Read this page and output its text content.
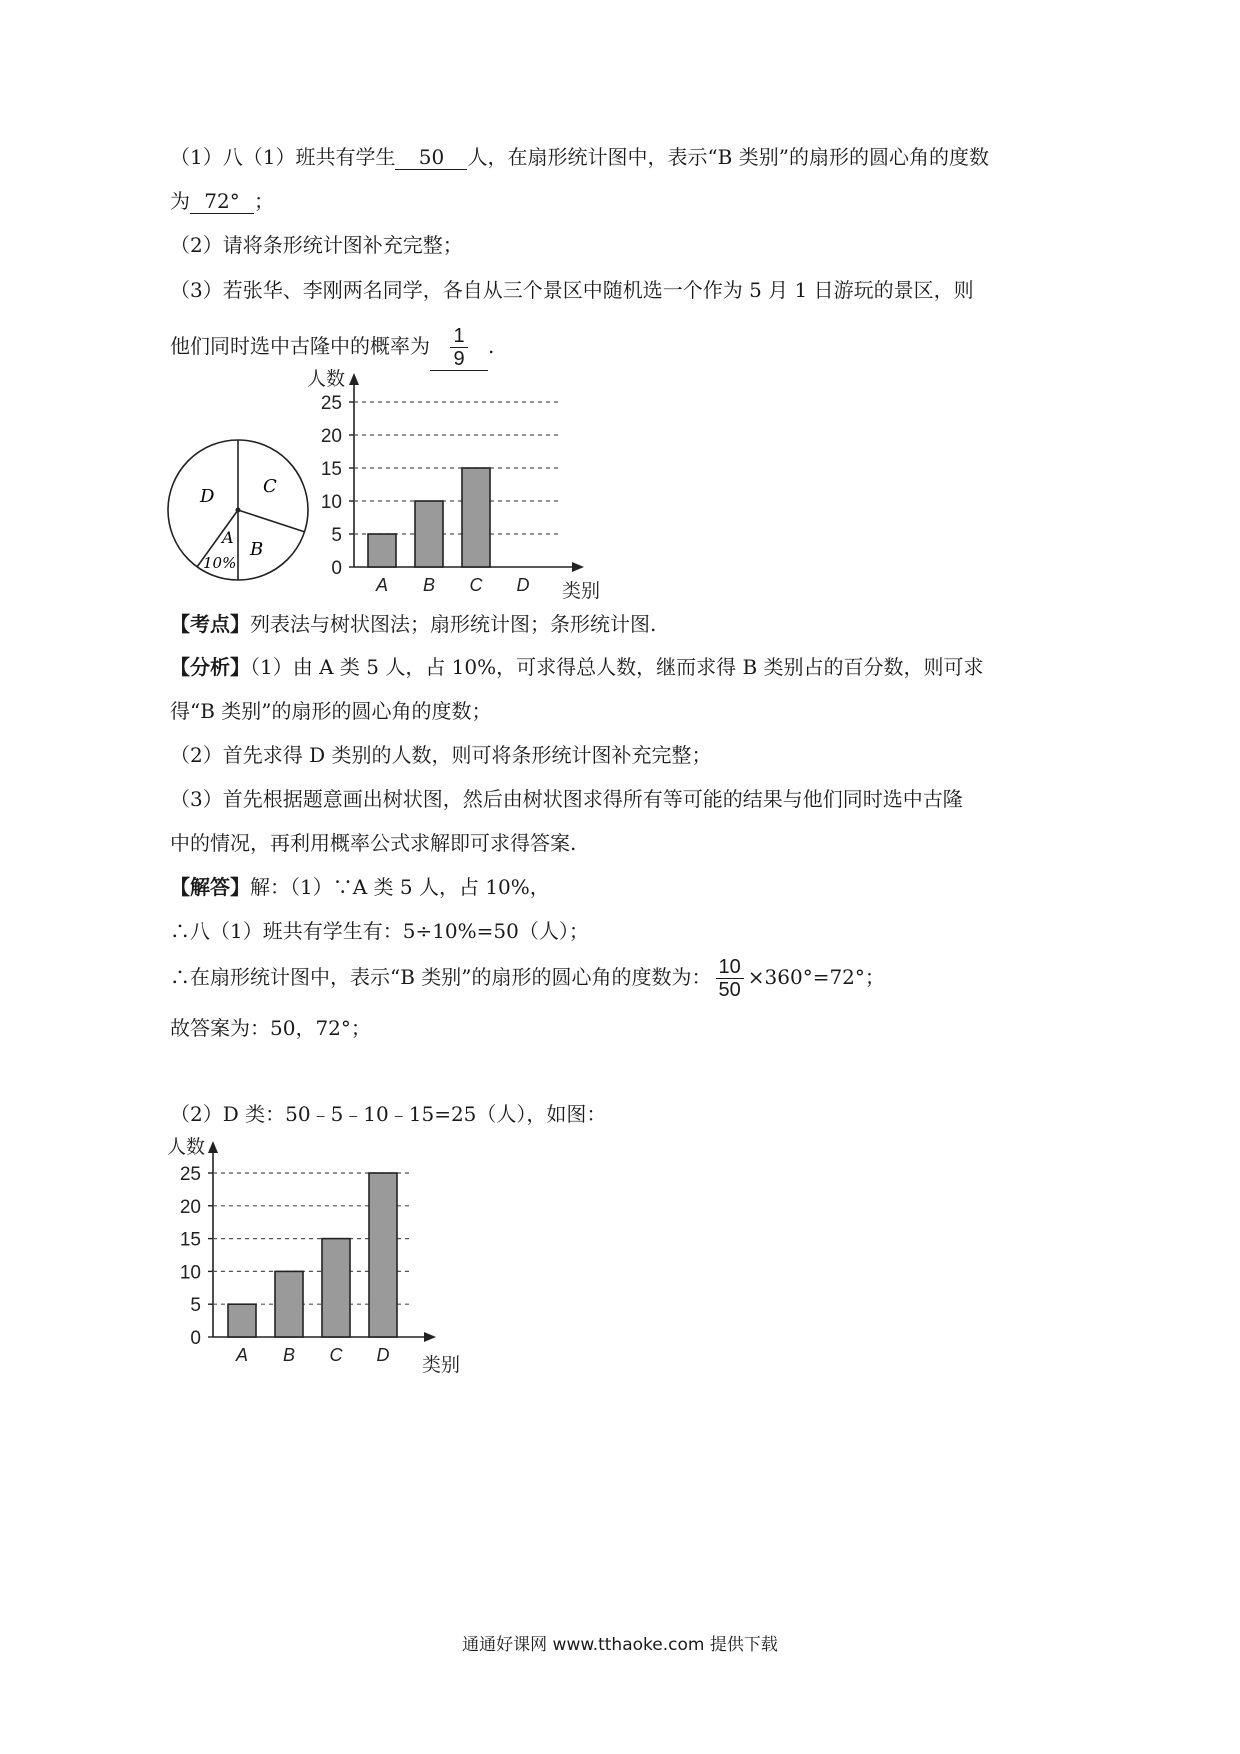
（1）八（1）班共有学生 50 人，在扇形统计图中，表示“B 类别”的扇形的圆心角的度数
为 72° ；
（2）请将条形统计图补充完整；
（3）若张华、李刚两名同学，各自从三个景区中随机选一个作为 5 月 1 日游玩的景区，则
他们同时选中古隆中的概率为 $\frac{1}{9}$ .
D	C
A
B
10%	0
5
10
15
20
25
人数
类别
A B C D
【考点】列表法与树状图法；扇形统计图；条形统计图.
【分析】（1）由 A 类 5 人，占 10%，可求得总人数，继而求得 B 类别占的百分数，则可求
得“B 类别”的扇形的圆心角的度数；
（2）首先求得 D 类别的人数，则可将条形统计图补充完整；
（3）首先根据题意画出树状图，然后由树状图求得所有等可能的结果与他们同时选中古隆
中的情况，再利用概率公式求解即可求得答案.
【解答】解：（1）∵A 类 5 人，占 10%，
∴八（1）班共有学生有：5÷10%=50（人）；
∴在扇形统计图中，表示“B 类别”的扇形的圆心角的度数为： $\frac{10}{50} \times 360^\circ=72^\circ$；
故答案为：50，72°；
（2）D 类：50﹣5﹣10﹣15=25（人），如图：
0
5
10
15
20
25
人数
类别
A B C D
通通好课网 www.tthaoke.com 提供下载
